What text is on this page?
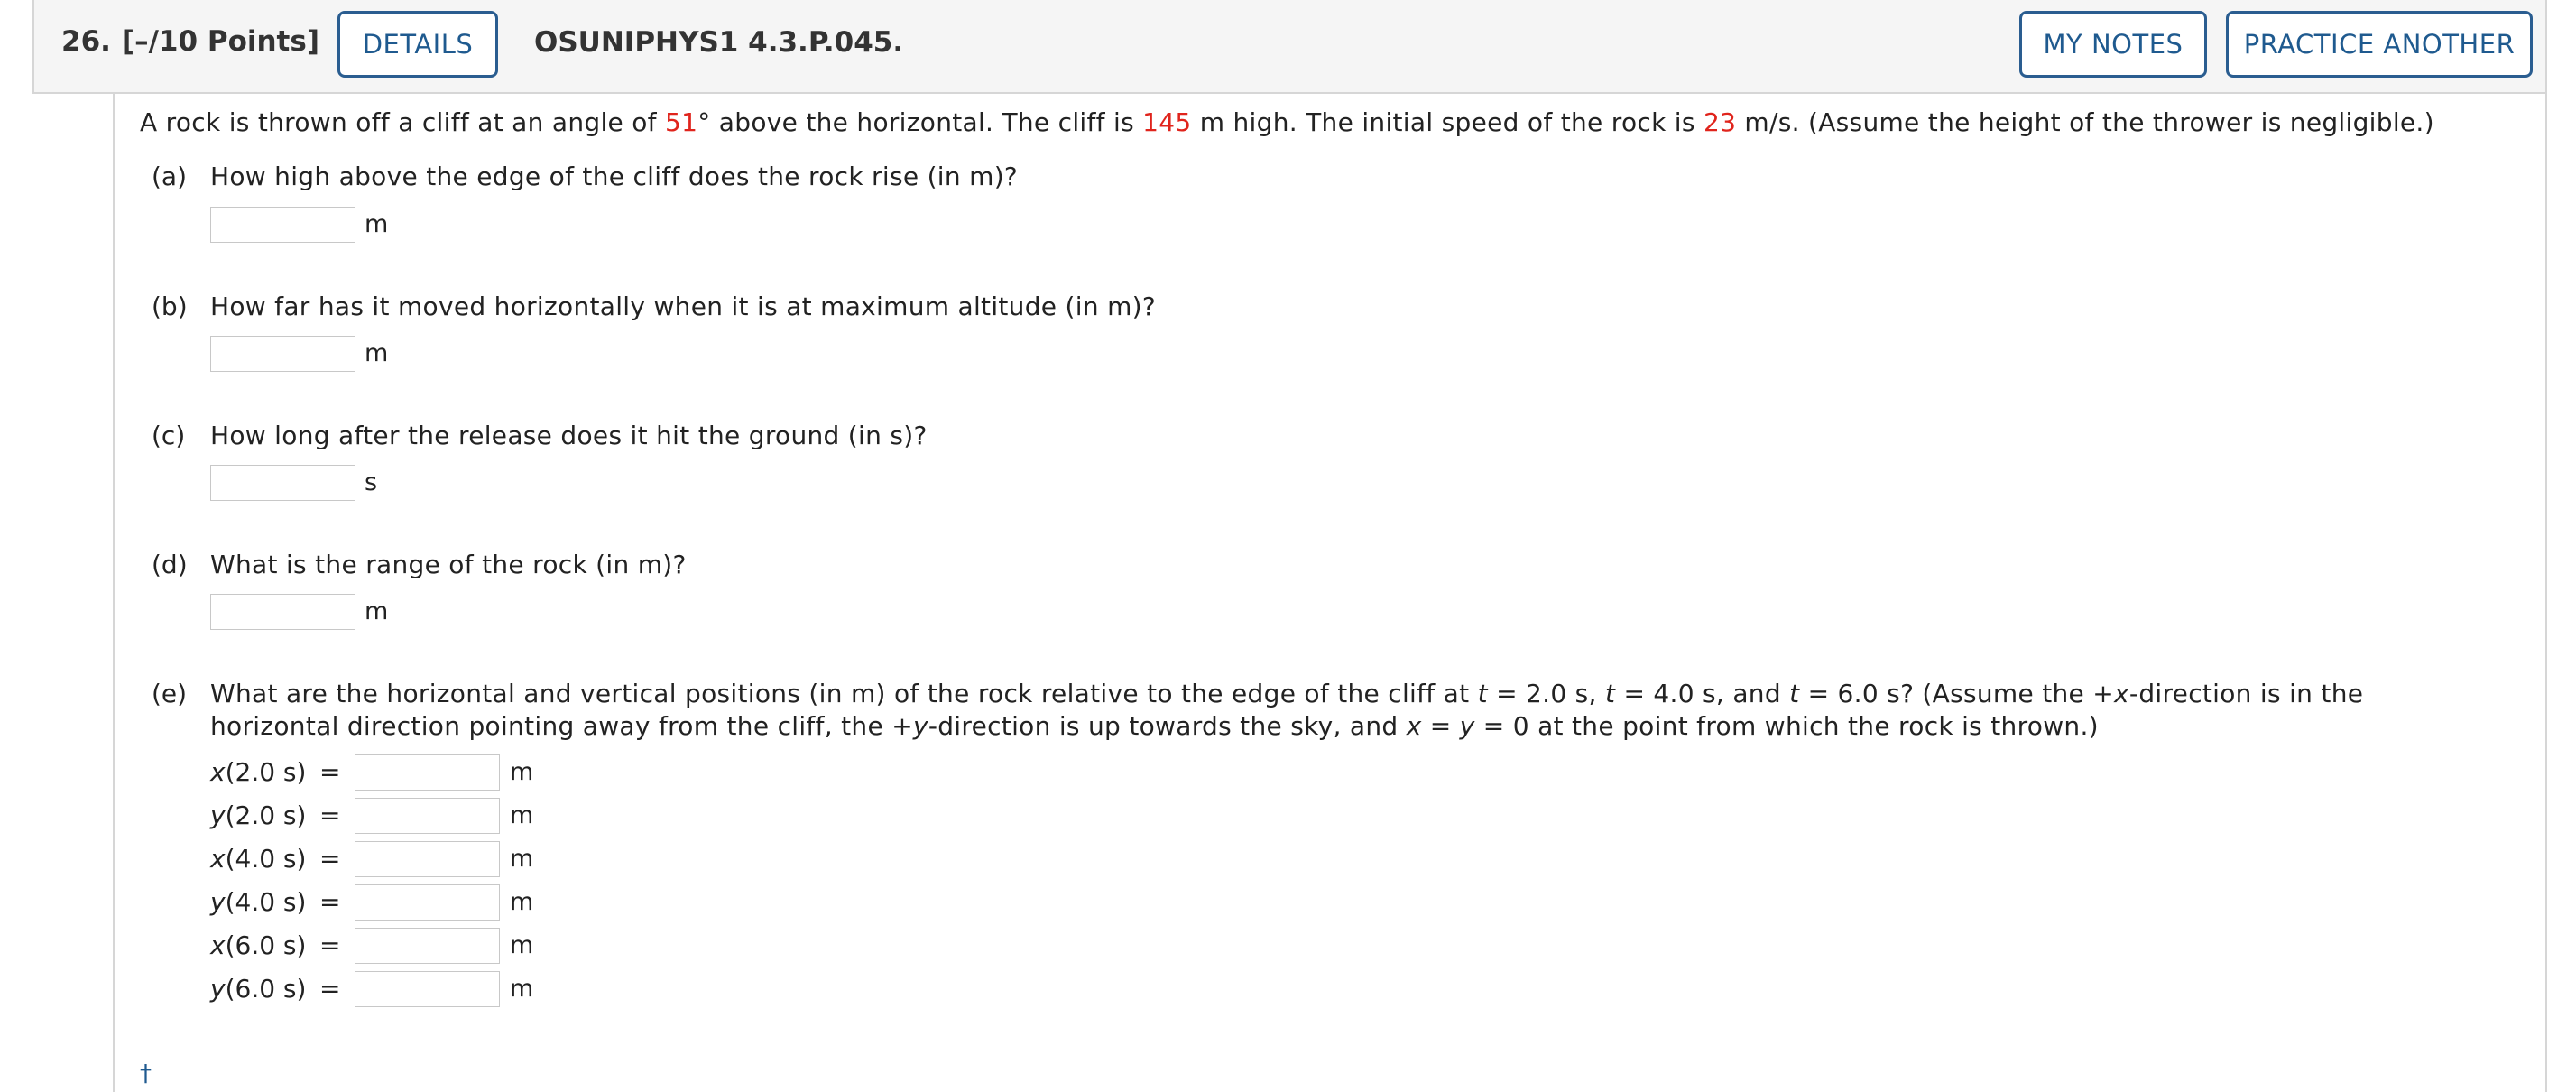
26. [–/10 Points]	DETAILS	OSUNIPHYS1 4.3.P.045.	MY NOTES	PRACTICE ANOTHER
A rock is thrown off a cliff at an angle of 51° above the horizontal. The cliff is 145 m high. The initial speed of the rock is 23 m/s. (Assume the height of the thrower is negligible.)
(a) How high above the edge of the cliff does the rock rise (in m)?
m
(b) How far has it moved horizontally when it is at maximum altitude (in m)?
m
(c) How long after the release does it hit the ground (in s)?
s
(d) What is the range of the rock (in m)?
m
(e) What are the horizontal and vertical positions (in m) of the rock relative to the edge of the cliff at t = 2.0 s, t = 4.0 s, and t = 6.0 s? (Assume the +x-direction is in the horizontal direction pointing away from the cliff, the +y-direction is up towards the sky, and x = y = 0 at the point from which the rock is thrown.)
x(2.0 s) =	m
y(2.0 s) =	m
x(4.0 s) =	m
y(4.0 s) =	m
x(6.0 s) =	m
y(6.0 s) =	m
†
